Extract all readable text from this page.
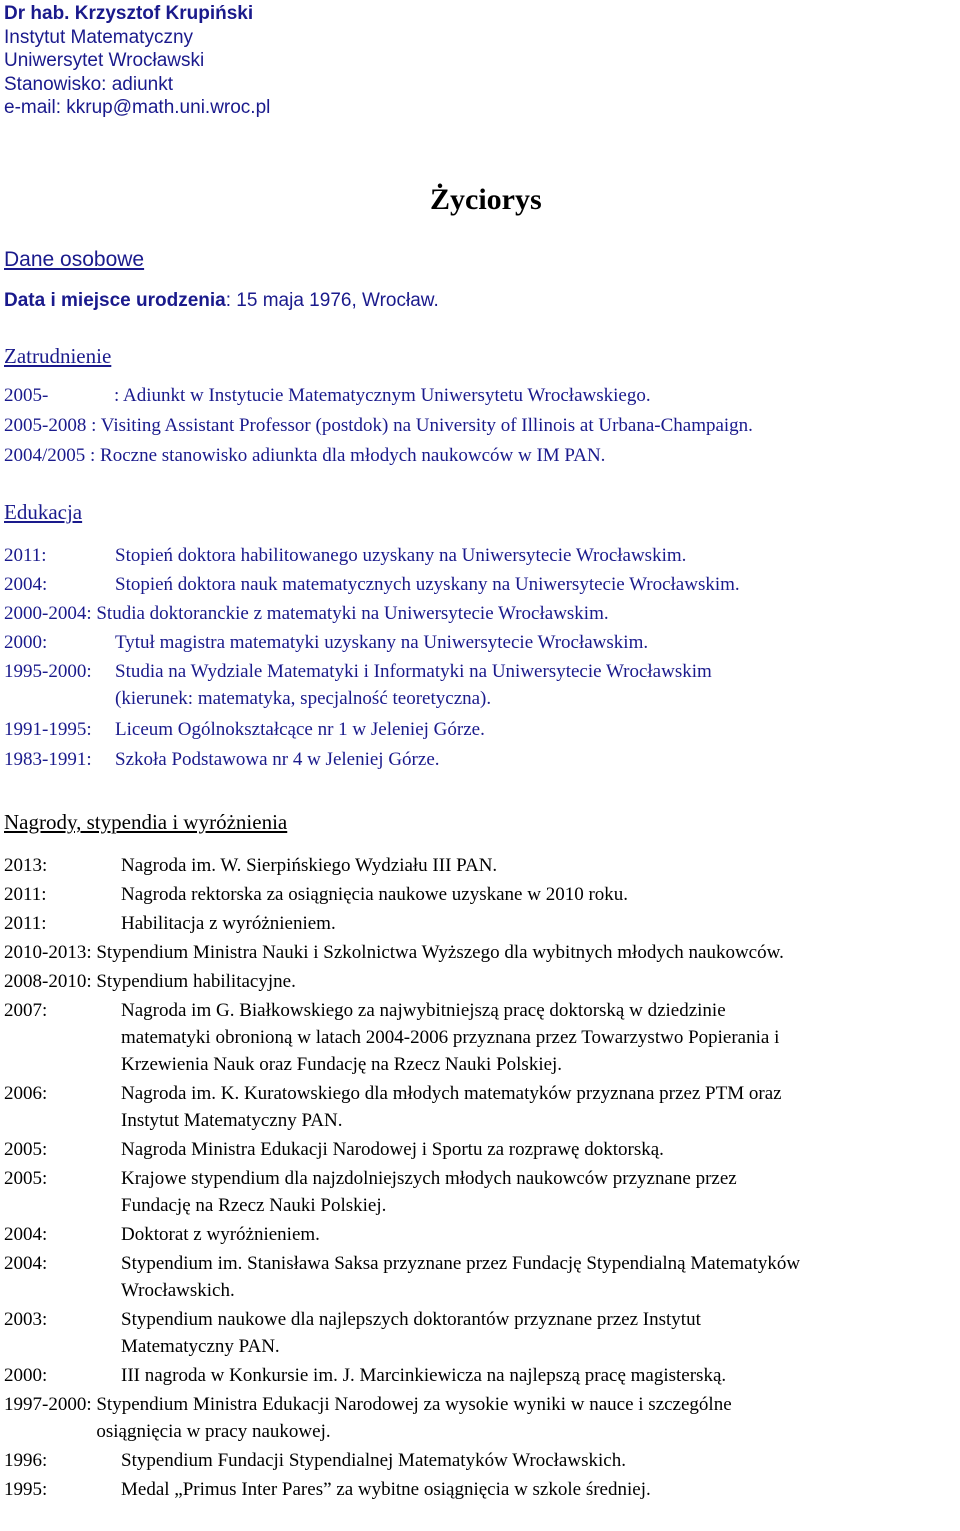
Dr hab. Krzysztof Krupiński
Instytut Matematyczny
Uniwersytet Wrocławski
Stanowisko: adiunkt
e-mail: kkrup@math.uni.wroc.pl
Życiorys
Dane osobowe
Data i miejsce urodzenia: 15 maja 1976, Wrocław.
Zatrudnienie
2005-	: Adiunkt w Instytucie Matematycznym Uniwersytetu Wrocławskiego.
2005-2008 : Visiting Assistant Professor (postdok) na University of Illinois at Urbana-Champaign.
2004/2005 : Roczne stanowisko adiunkta dla młodych naukowców w IM PAN.
Edukacja
2011:	Stopień doktora habilitowanego uzyskany na Uniwersytecie Wrocławskim.
2004:	Stopień doktora nauk matematycznych uzyskany na Uniwersytecie Wrocławskim.
2000-2004:
Studia doktoranckie z matematyki na Uniwersytecie Wrocławskim.
2000:	Tytuł magistra matematyki uzyskany na Uniwersytecie Wrocławskim.
1995-2000:	Studia na Wydziale Matematyki i Informatyki na Uniwersytecie Wrocławskim
(kierunek: matematyka, specjalność teoretyczna).
1991-1995:	Liceum Ogólnokształcące nr 1 w Jeleniej Górze.
1983-1991:	Szkoła Podstawowa nr 4 w Jeleniej Górze.
Nagrody, stypendia i wyróżnienia
2013:	Nagroda im. W. Sierpińskiego Wydziału III PAN.
2011:	Nagroda rektorska za osiągnięcia naukowe uzyskane w 2010 roku.
2011:	Habilitacja z wyróżnieniem.
2010-2013:
Stypendium Ministra Nauki i Szkolnictwa Wyższego dla wybitnych młodych naukowców.
2008-2010:
Stypendium habilitacyjne.
2007:	Nagroda im G. Białkowskiego za najwybitniejszą pracę doktorską w dziedzinie
matematyki obronioną w latach 2004-2006 przyznana przez Towarzystwo Popierania i
Krzewienia Nauk oraz Fundację na Rzecz Nauki Polskiej.
2006:	Nagroda im. K. Kuratowskiego dla młodych matematyków przyznana przez PTM oraz
Instytut Matematyczny PAN.
2005:	Nagroda Ministra Edukacji Narodowej i Sportu za rozprawę doktorską.
2005:	Krajowe stypendium dla najzdolniejszych młodych naukowców przyznane przez
Fundację na Rzecz Nauki Polskiej.
2004:	Doktorat z wyróżnieniem.
2004:	Stypendium im. Stanisława Saksa przyznane przez Fundację Stypendialną Matematyków
Wrocławskich.
2003:	Stypendium naukowe dla najlepszych doktorantów przyznane przez Instytut
Matematyczny PAN.
2000:	III nagroda w Konkursie im. J. Marcinkiewicza na najlepszą pracę magisterską.
1997-2000:
Stypendium Ministra Edukacji Narodowej za wysokie wyniki w nauce i szczególne
osiągnięcia w pracy naukowej.
1996:	Stypendium Fundacji Stypendialnej Matematyków Wrocławskich.
1995:	Medal „Primus Inter Pares” za wybitne osiągnięcia w szkole średniej.
